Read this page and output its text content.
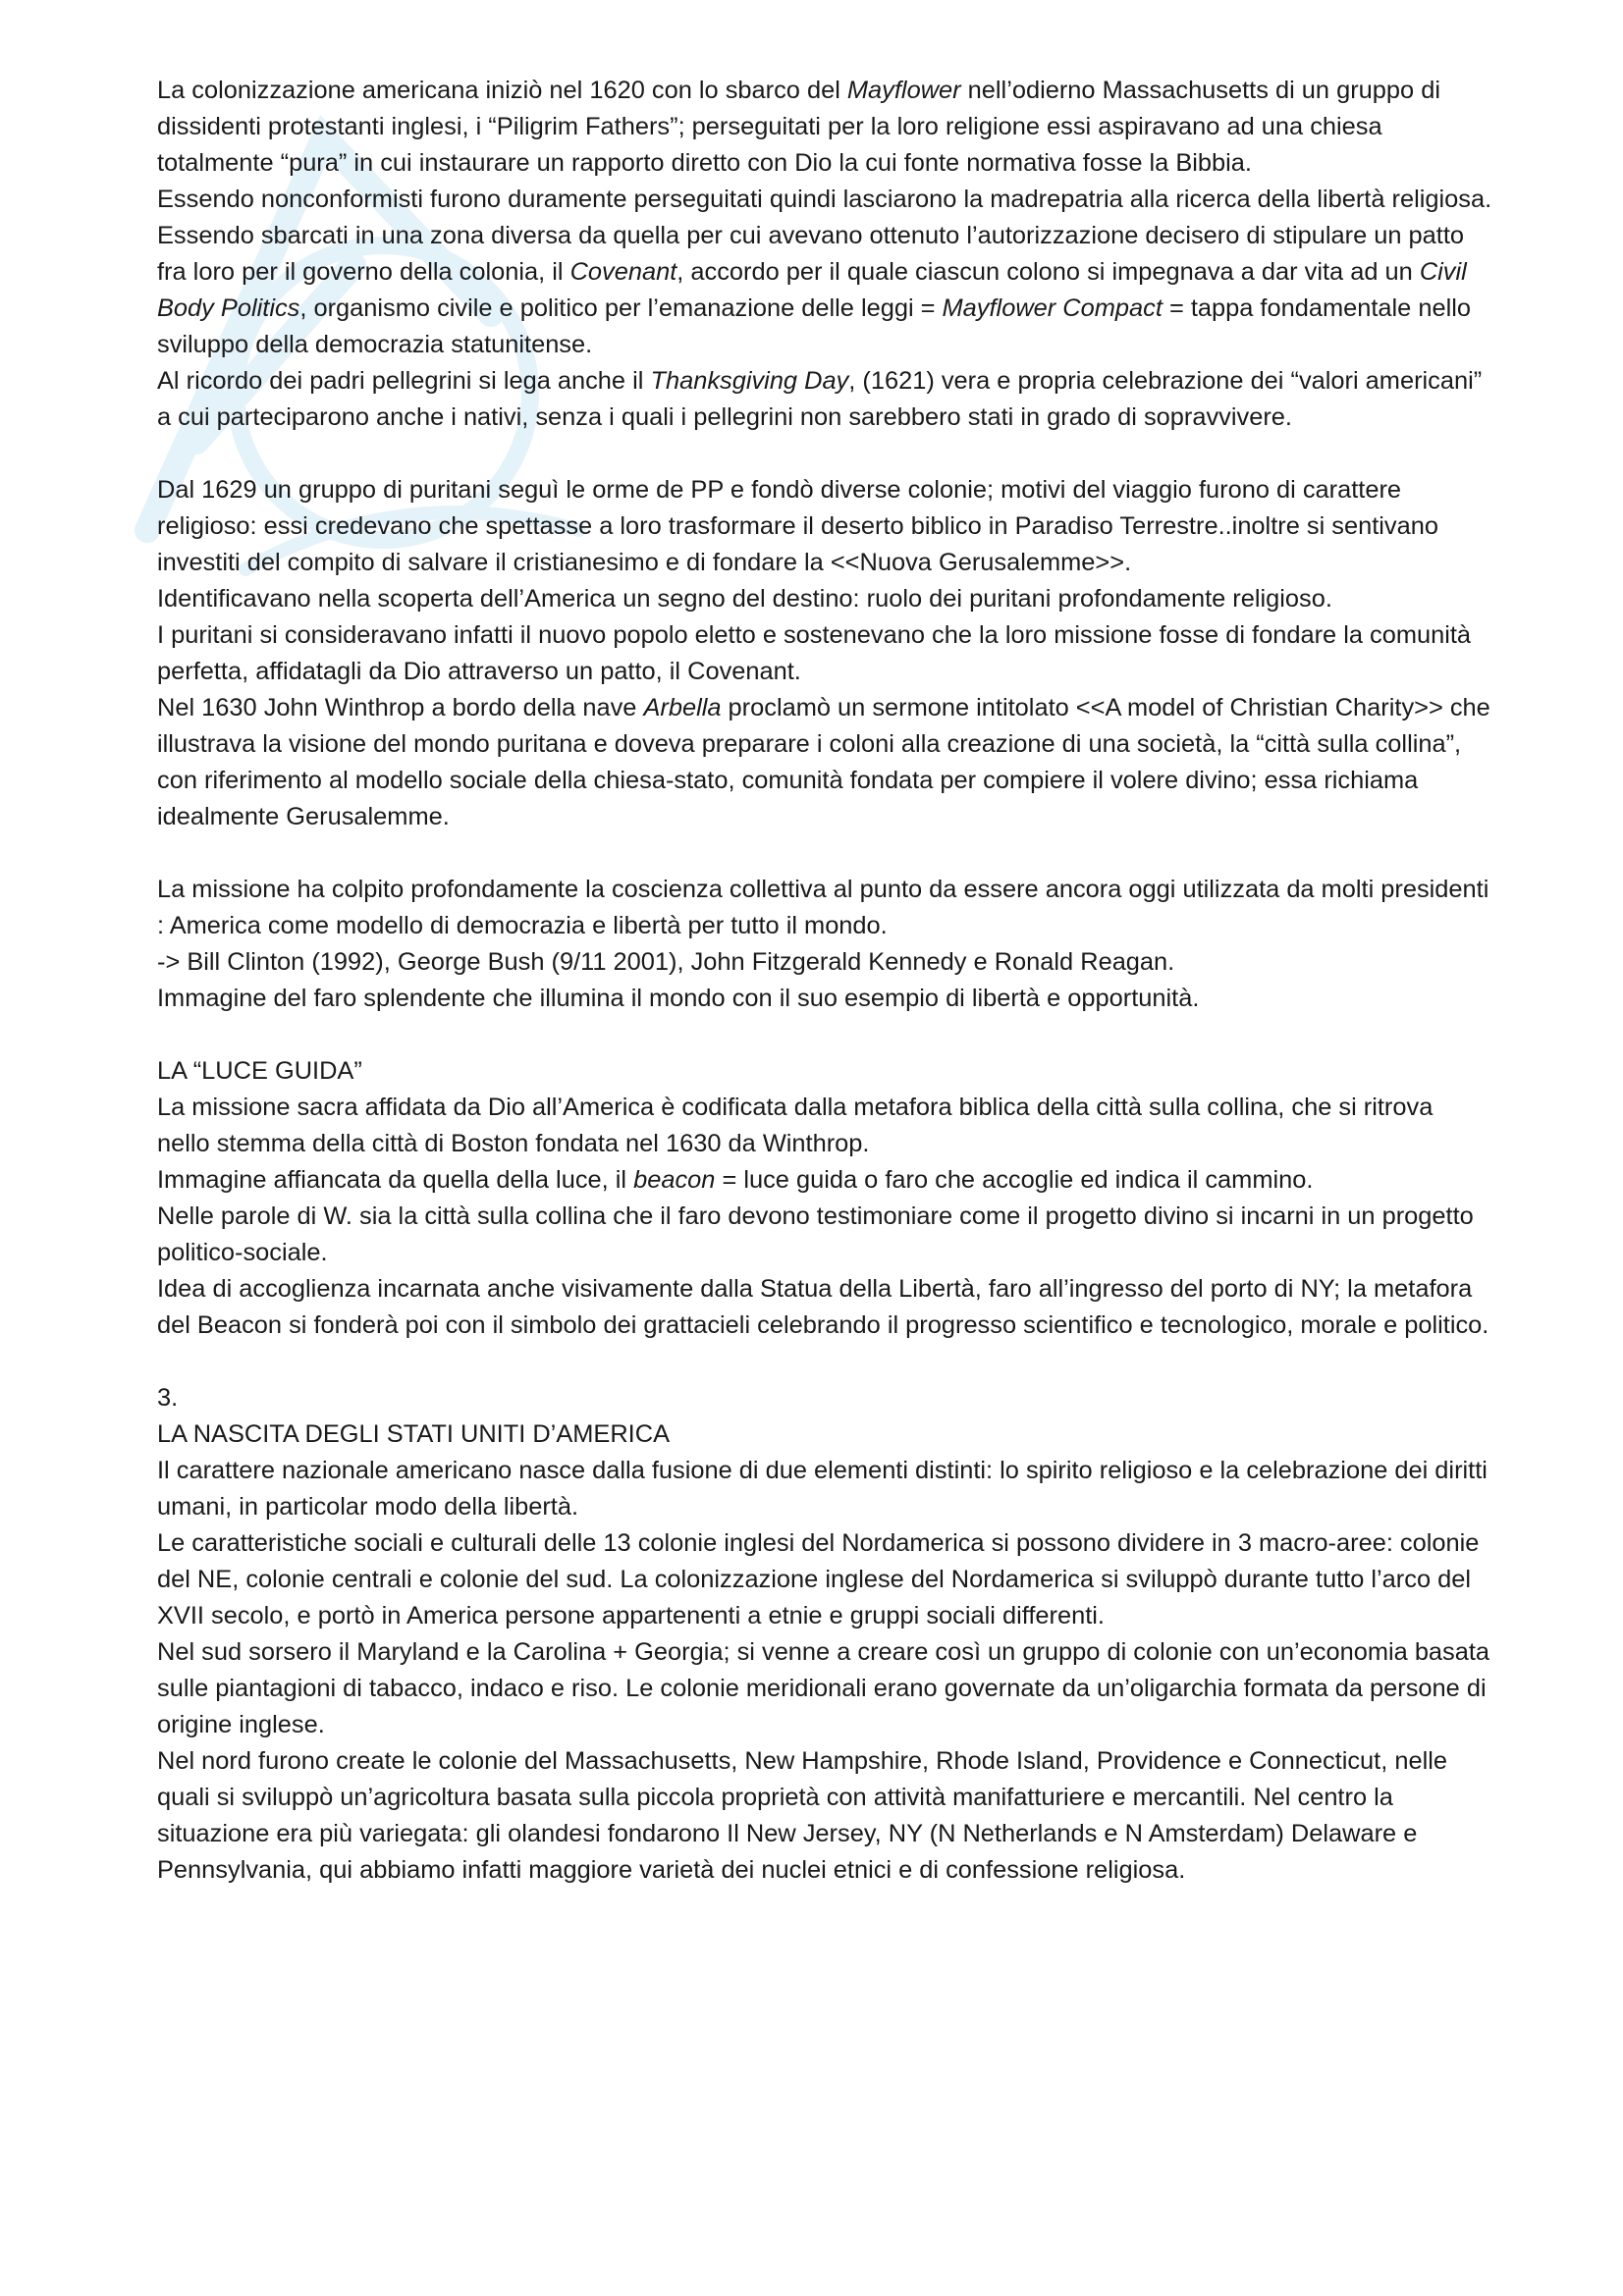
La colonizzazione americana iniziò nel 1620 con lo sbarco del Mayflower nell’odierno Massachusetts di un gruppo di dissidenti protestanti inglesi, i “Piligrim Fathers”; perseguitati per la loro religione essi aspiravano ad una chiesa totalmente “pura” in cui instaurare un rapporto diretto con Dio la cui fonte normativa fosse la Bibbia.

Essendo nonconformisti furono duramente perseguitati quindi lasciarono la madrepatria alla ricerca della libertà religiosa.

Essendo sbarcati in una zona diversa da quella per cui avevano ottenuto l’autorizzazione decisero di stipulare un patto fra loro per il governo della colonia, il Covenant, accordo per il quale ciascun colono si impegnava a dar vita ad un Civil Body Politics, organismo civile e politico per l’emanazione delle leggi = Mayflower Compact = tappa fondamentale nello sviluppo della democrazia statunitense.

Al ricordo dei padri pellegrini si lega anche il Thanksgiving Day, (1621) vera e propria celebrazione dei “valori americani” a cui parteciparono anche i nativi, senza i quali i pellegrini non sarebbero stati in grado di sopravvivere.

Dal 1629 un gruppo di puritani seguì le orme de PP e fondò diverse colonie; motivi del viaggio furono di carattere religioso: essi credevano che spettasse a loro trasformare il deserto biblico in Paradiso Terrestre..inoltre si sentivano investiti del compito di salvare il cristianesimo e di fondare la <<Nuova Gerusalemme>>.

Identificavano nella scoperta dell’America un segno del destino: ruolo dei puritani profondamente religioso.

I puritani si consideravano infatti il nuovo popolo eletto e sostenevano che la loro missione fosse di fondare la comunità perfetta, affidatagli da Dio attraverso un patto, il Covenant.

Nel 1630 John Winthrop a bordo della nave Arbella proclamò un sermone intitolato <<A model of Christian Charity>> che illustrava la visione del mondo puritana e doveva preparare i coloni alla creazione di una società, la “città sulla collina”, con riferimento al modello sociale della chiesa-stato, comunità fondata per compiere il volere divino; essa richiama idealmente Gerusalemme.

La missione ha colpito profondamente la coscienza collettiva al punto da essere ancora oggi utilizzata da molti presidenti : America come modello di democrazia e libertà per tutto il mondo.

-> Bill Clinton (1992), George Bush (9/11 2001), John Fitzgerald Kennedy e Ronald Reagan.

Immagine del faro splendente che illumina il mondo con il suo esempio di libertà e opportunità.

LA “LUCE GUIDA”

La missione sacra affidata da Dio all’America è codificata dalla metafora biblica della città sulla collina, che si ritrova nello stemma della città di Boston fondata nel 1630 da Winthrop.

Immagine affiancata da quella della luce, il beacon = luce guida o faro che accoglie ed indica il cammino.

Nelle parole di W. sia la città sulla collina che il faro devono testimoniare come il progetto divino si incarni in un progetto politico-sociale.

Idea di accoglienza incarnata anche visivamente dalla Statua della Libertà, faro all’ingresso del porto di NY; la metafora del Beacon si fonderà poi con il simbolo dei grattacieli celebrando il progresso scientifico e tecnologico, morale e politico.

3.

LA NASCITA DEGLI STATI UNITI D’AMERICA

Il carattere nazionale americano nasce dalla fusione di due elementi distinti: lo spirito religioso e la celebrazione dei diritti umani, in particolar modo della libertà.

Le caratteristiche sociali e culturali delle 13 colonie inglesi del Nordamerica si possono dividere in 3 macro-aree: colonie del NE, colonie centrali e colonie del sud. La colonizzazione inglese del Nordamerica si sviluppò durante tutto l’arco del XVII secolo, e portò in America persone appartenenti a etnie e gruppi sociali differenti.

Nel sud sorsero il Maryland e la Carolina + Georgia; si venne a creare così un gruppo di colonie con un’economia basata sulle piantagioni di tabacco, indaco e riso. Le colonie meridionali erano governate da un’oligarchia formata da persone di origine inglese.

Nel nord furono create le colonie del Massachusetts, New Hampshire, Rhode Island, Providence e Connecticut, nelle quali si sviluppò un’agricoltura basata sulla piccola proprietà con attività manifatturiere e mercantili. Nel centro la situazione era più variegata: gli olandesi fondarono Il New Jersey, NY (N Netherlands e N Amsterdam) Delaware e Pennsylvania, qui abbiamo infatti maggiore varietà dei nuclei etnici e di confessione religiosa.
